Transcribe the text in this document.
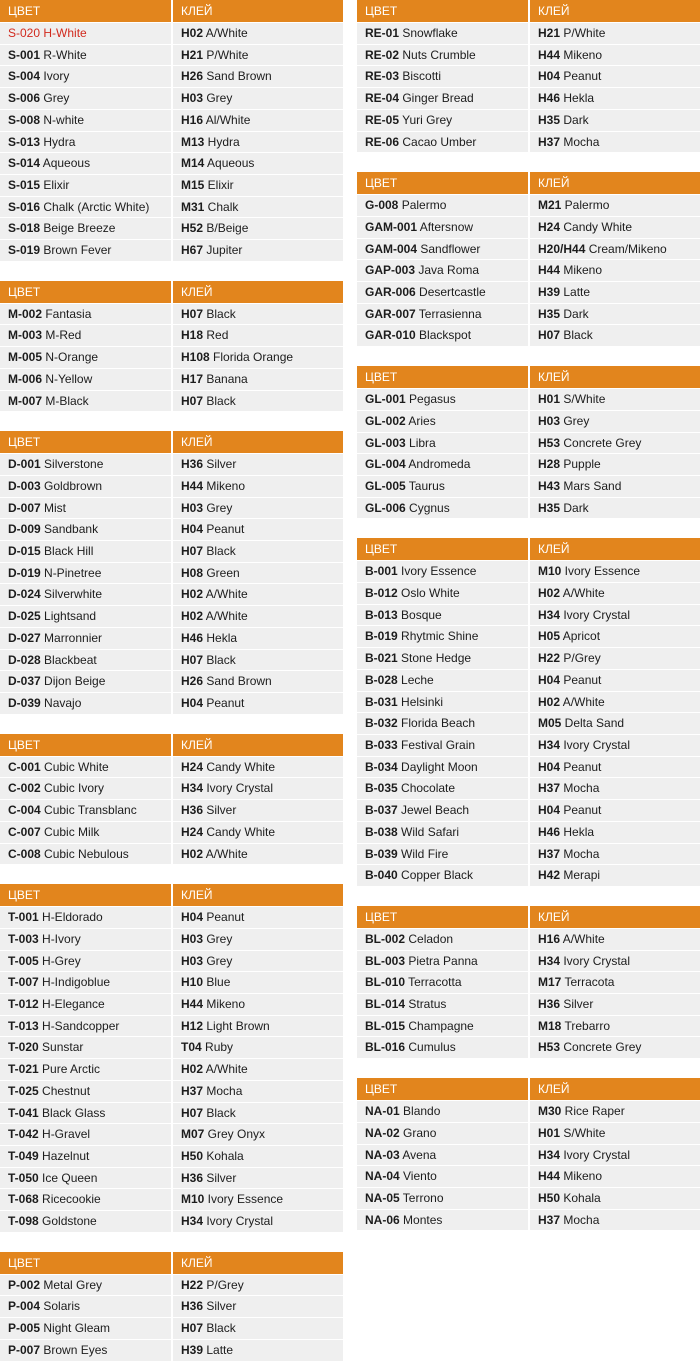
ЦВЕТ	КЛЕЙ
S-020 H-White	H02 A/White
S-001 R-White	H21 P/White
S-004 Ivory	H26 Sand Brown
S-006 Grey	H03 Grey
S-008 N-white	H16 Al/White
S-013 Hydra	M13 Hydra
S-014 Aqueous	M14 Aqueous
S-015 Elixir	M15 Elixir
S-016 Chalk (Arctic White)	M31 Chalk
S-018 Beige Breeze	H52 B/Beige
S-019 Brown Fever	H67 Jupiter
ЦВЕТ	КЛЕЙ
M-002 Fantasia	H07 Black
M-003 M-Red	H18 Red
M-005 N-Orange	H108 Florida Orange
M-006 N-Yellow	H17 Banana
M-007 M-Black	H07 Black
ЦВЕТ	КЛЕЙ
D-001 Silverstone	H36 Silver
D-003 Goldbrown	H44 Mikeno
D-007 Mist	H03 Grey
D-009 Sandbank	H04 Peanut
D-015 Black Hill	H07 Black
D-019 N-Pinetree	H08 Green
D-024 Silverwhite	H02 A/White
D-025 Lightsand	H02 A/White
D-027 Marronnier	H46 Hekla
D-028 Blackbeat	H07 Black
D-037 Dijon Beige	H26 Sand Brown
D-039 Navajo	H04 Peanut
ЦВЕТ	КЛЕЙ
C-001 Cubic White	H24 Candy White
C-002 Cubic Ivory	H34 Ivory Crystal
C-004 Cubic Transblanc	H36 Silver
C-007 Cubic Milk	H24 Candy White
C-008 Cubic Nebulous	H02 A/White
ЦВЕТ	КЛЕЙ
T-001 H-Eldorado	H04 Peanut
T-003 H-Ivory	H03 Grey
T-005 H-Grey	H03 Grey
T-007 H-Indigoblue	H10 Blue
T-012 H-Elegance	H44 Mikeno
T-013 H-Sandcopper	H12 Light Brown
T-020 Sunstar	T04 Ruby
T-021 Pure Arctic	H02 A/White
T-025 Chestnut	H37 Mocha
T-041 Black Glass	H07 Black
T-042 H-Gravel	M07 Grey Onyx
T-049 Hazelnut	H50 Kohala
T-050 Ice Queen	H36 Silver
T-068 Ricecookie	M10 Ivory Essence
T-098 Goldstone	H34 Ivory Crystal
ЦВЕТ	КЛЕЙ
P-002 Metal Grey	H22 P/Grey
P-004 Solaris	H36 Silver
P-005 Night Gleam	H07 Black
P-007 Brown Eyes	H39 Latte
ЦВЕТ	КЛЕЙ
RE-01 Snowflake	H21 P/White
RE-02 Nuts Crumble	H44 Mikeno
RE-03 Biscotti	H04 Peanut
RE-04 Ginger Bread	H46 Hekla
RE-05 Yuri Grey	H35 Dark
RE-06 Cacao Umber	H37 Mocha
ЦВЕТ	КЛЕЙ
G-008 Palermo	M21 Palermo
GAM-001 Aftersnow	H24 Candy White
GAM-004 Sandflower	H20/H44 Cream/Mikeno
GAP-003 Java Roma	H44 Mikeno
GAR-006 Desertcastle	H39 Latte
GAR-007 Terrasienna	H35 Dark
GAR-010 Blackspot	H07 Black
ЦВЕТ	КЛЕЙ
GL-001 Pegasus	H01 S/White
GL-002 Aries	H03 Grey
GL-003 Libra	H53 Concrete Grey
GL-004 Andromeda	H28 Pupple
GL-005 Taurus	H43 Mars Sand
GL-006 Cygnus	H35 Dark
ЦВЕТ	КЛЕЙ
B-001 Ivory Essence	M10 Ivory Essence
B-012 Oslo White	H02 A/White
B-013 Bosque	H34 Ivory Crystal
B-019 Rhytmic Shine	H05 Apricot
B-021 Stone Hedge	H22 P/Grey
B-028 Leche	H04 Peanut
B-031 Helsinki	H02 A/White
B-032 Florida Beach	M05 Delta Sand
B-033 Festival Grain	H34 Ivory Crystal
B-034 Daylight Moon	H04 Peanut
B-035 Chocolate	H37 Mocha
B-037 Jewel Beach	H04 Peanut
B-038 Wild Safari	H46 Hekla
B-039 Wild Fire	H37 Mocha
B-040 Copper Black	H42 Merapi
ЦВЕТ	КЛЕЙ
BL-002 Celadon	H16 A/White
BL-003 Pietra Panna	H34 Ivory Crystal
BL-010 Terracotta	M17 Terracota
BL-014 Stratus	H36 Silver
BL-015 Champagne	M18 Trebarro
BL-016 Cumulus	H53 Concrete Grey
ЦВЕТ	КЛЕЙ
NA-01 Blando	M30 Rice Raper
NA-02 Grano	H01 S/White
NA-03 Avena	H34 Ivory Crystal
NA-04 Viento	H44 Mikeno
NA-05 Terrono	H50 Kohala
NA-06 Montes	H37 Mocha
